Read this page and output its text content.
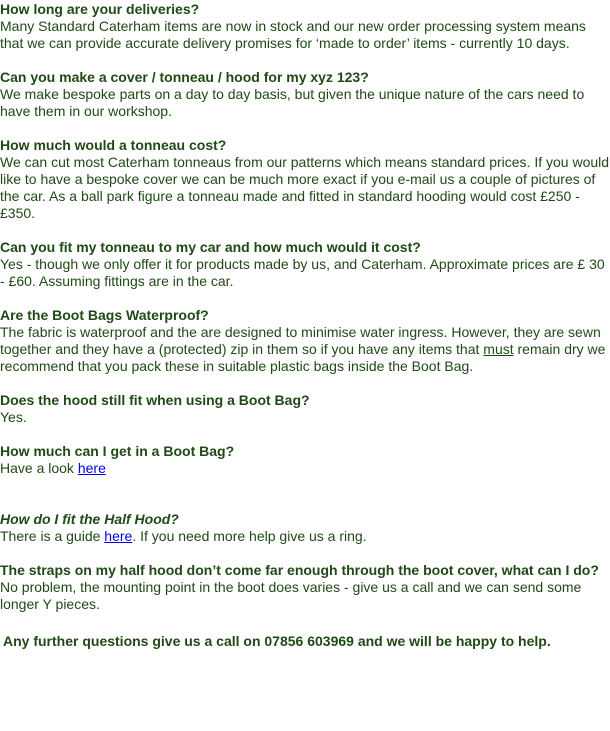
How long are your deliveries?
Many Standard Caterham items are now in stock and our new order processing system means that we can provide accurate delivery promises for ‘made to order’ items - currently 10 days.
Can you make a cover / tonneau / hood for my xyz 123?
We make bespoke parts on a day to day basis, but given the unique nature of the cars need to have them in our workshop.
How much would a tonneau cost?
We can cut most Caterham tonneaus from our patterns which means standard prices. If you would like to have a bespoke cover we can be much more exact if you e-mail us a couple of pictures of the car. As a ball park figure a tonneau made and fitted in standard hooding would cost £250 - £350.
Can you fit my tonneau to my car and how much would it cost?
Yes - though we only offer it for products made by us, and Caterham. Approximate prices are £ 30 - £60. Assuming fittings are in the car.
Are the Boot Bags Waterproof?
The fabric is waterproof and the are designed to minimise water ingress. However, they are sewn together and they have a (protected) zip in them so if you have any items that must remain dry we recommend that you pack these in suitable plastic bags inside the Boot Bag.
Does the hood still fit when using a Boot Bag?
Yes.
How much can I get in a Boot Bag?
Have a look here
How do I fit the Half Hood?
There is a guide here. If you need more help give us a ring.
The straps on my half hood don’t come far enough through the boot cover, what can I do?
No problem, the mounting point in the boot does varies - give us a call and we can send some longer Y pieces.
Any further questions give us a call on 07856 603969 and we will be happy to help.
